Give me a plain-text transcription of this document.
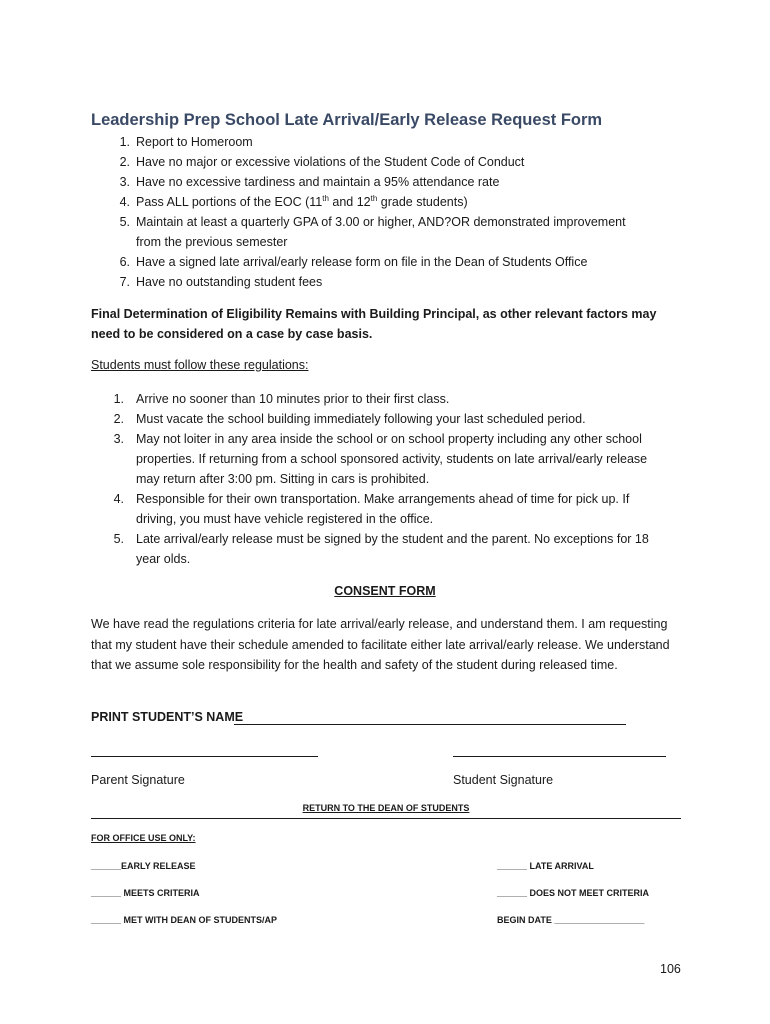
Leadership Prep School Late Arrival/Early Release Request Form
1. Report to Homeroom
2. Have no major or excessive violations of the Student Code of Conduct
3. Have no excessive tardiness and maintain a 95% attendance rate
4. Pass ALL portions of the EOC (11th and 12th grade students)
5. Maintain at least a quarterly GPA of 3.00 or higher, AND?OR demonstrated improvement
from the previous semester
6. Have a signed late arrival/early release form on file in the Dean of Students Office
7. Have no outstanding student fees
Final Determination of Eligibility Remains with Building Principal, as other relevant factors may need to be considered on a case by case basis.
Students must follow these regulations:
1. Arrive no sooner than 10 minutes prior to their first class.
2. Must vacate the school building immediately following your last scheduled period.
3. May not loiter in any area inside the school or on school property including any other school
properties. If returning from a school sponsored activity, students on late arrival/early release
may return after 3:00 pm. Sitting in cars is prohibited.
4. Responsible for their own transportation. Make arrangements ahead of time for pick up. If
driving, you must have vehicle registered in the office.
5. Late arrival/early release must be signed by the student and the parent. No exceptions for 18
year olds.
CONSENT FORM
We have read the regulations criteria for late arrival/early release, and understand them. I am requesting that my student have their schedule amended to facilitate either late arrival/early release. We understand that we assume sole responsibility for the health and safety of the student during released time.
PRINT STUDENT’S NAME
Parent Signature	Student Signature
RETURN TO THE DEAN OF STUDENTS
FOR OFFICE USE ONLY:
______EARLY RELEASE	______ LATE ARRIVAL
______ MEETS CRITERIA	______ DOES NOT MEET CRITERIA
______ MET WITH DEAN OF STUDENTS/AP	BEGIN DATE __________________
106
